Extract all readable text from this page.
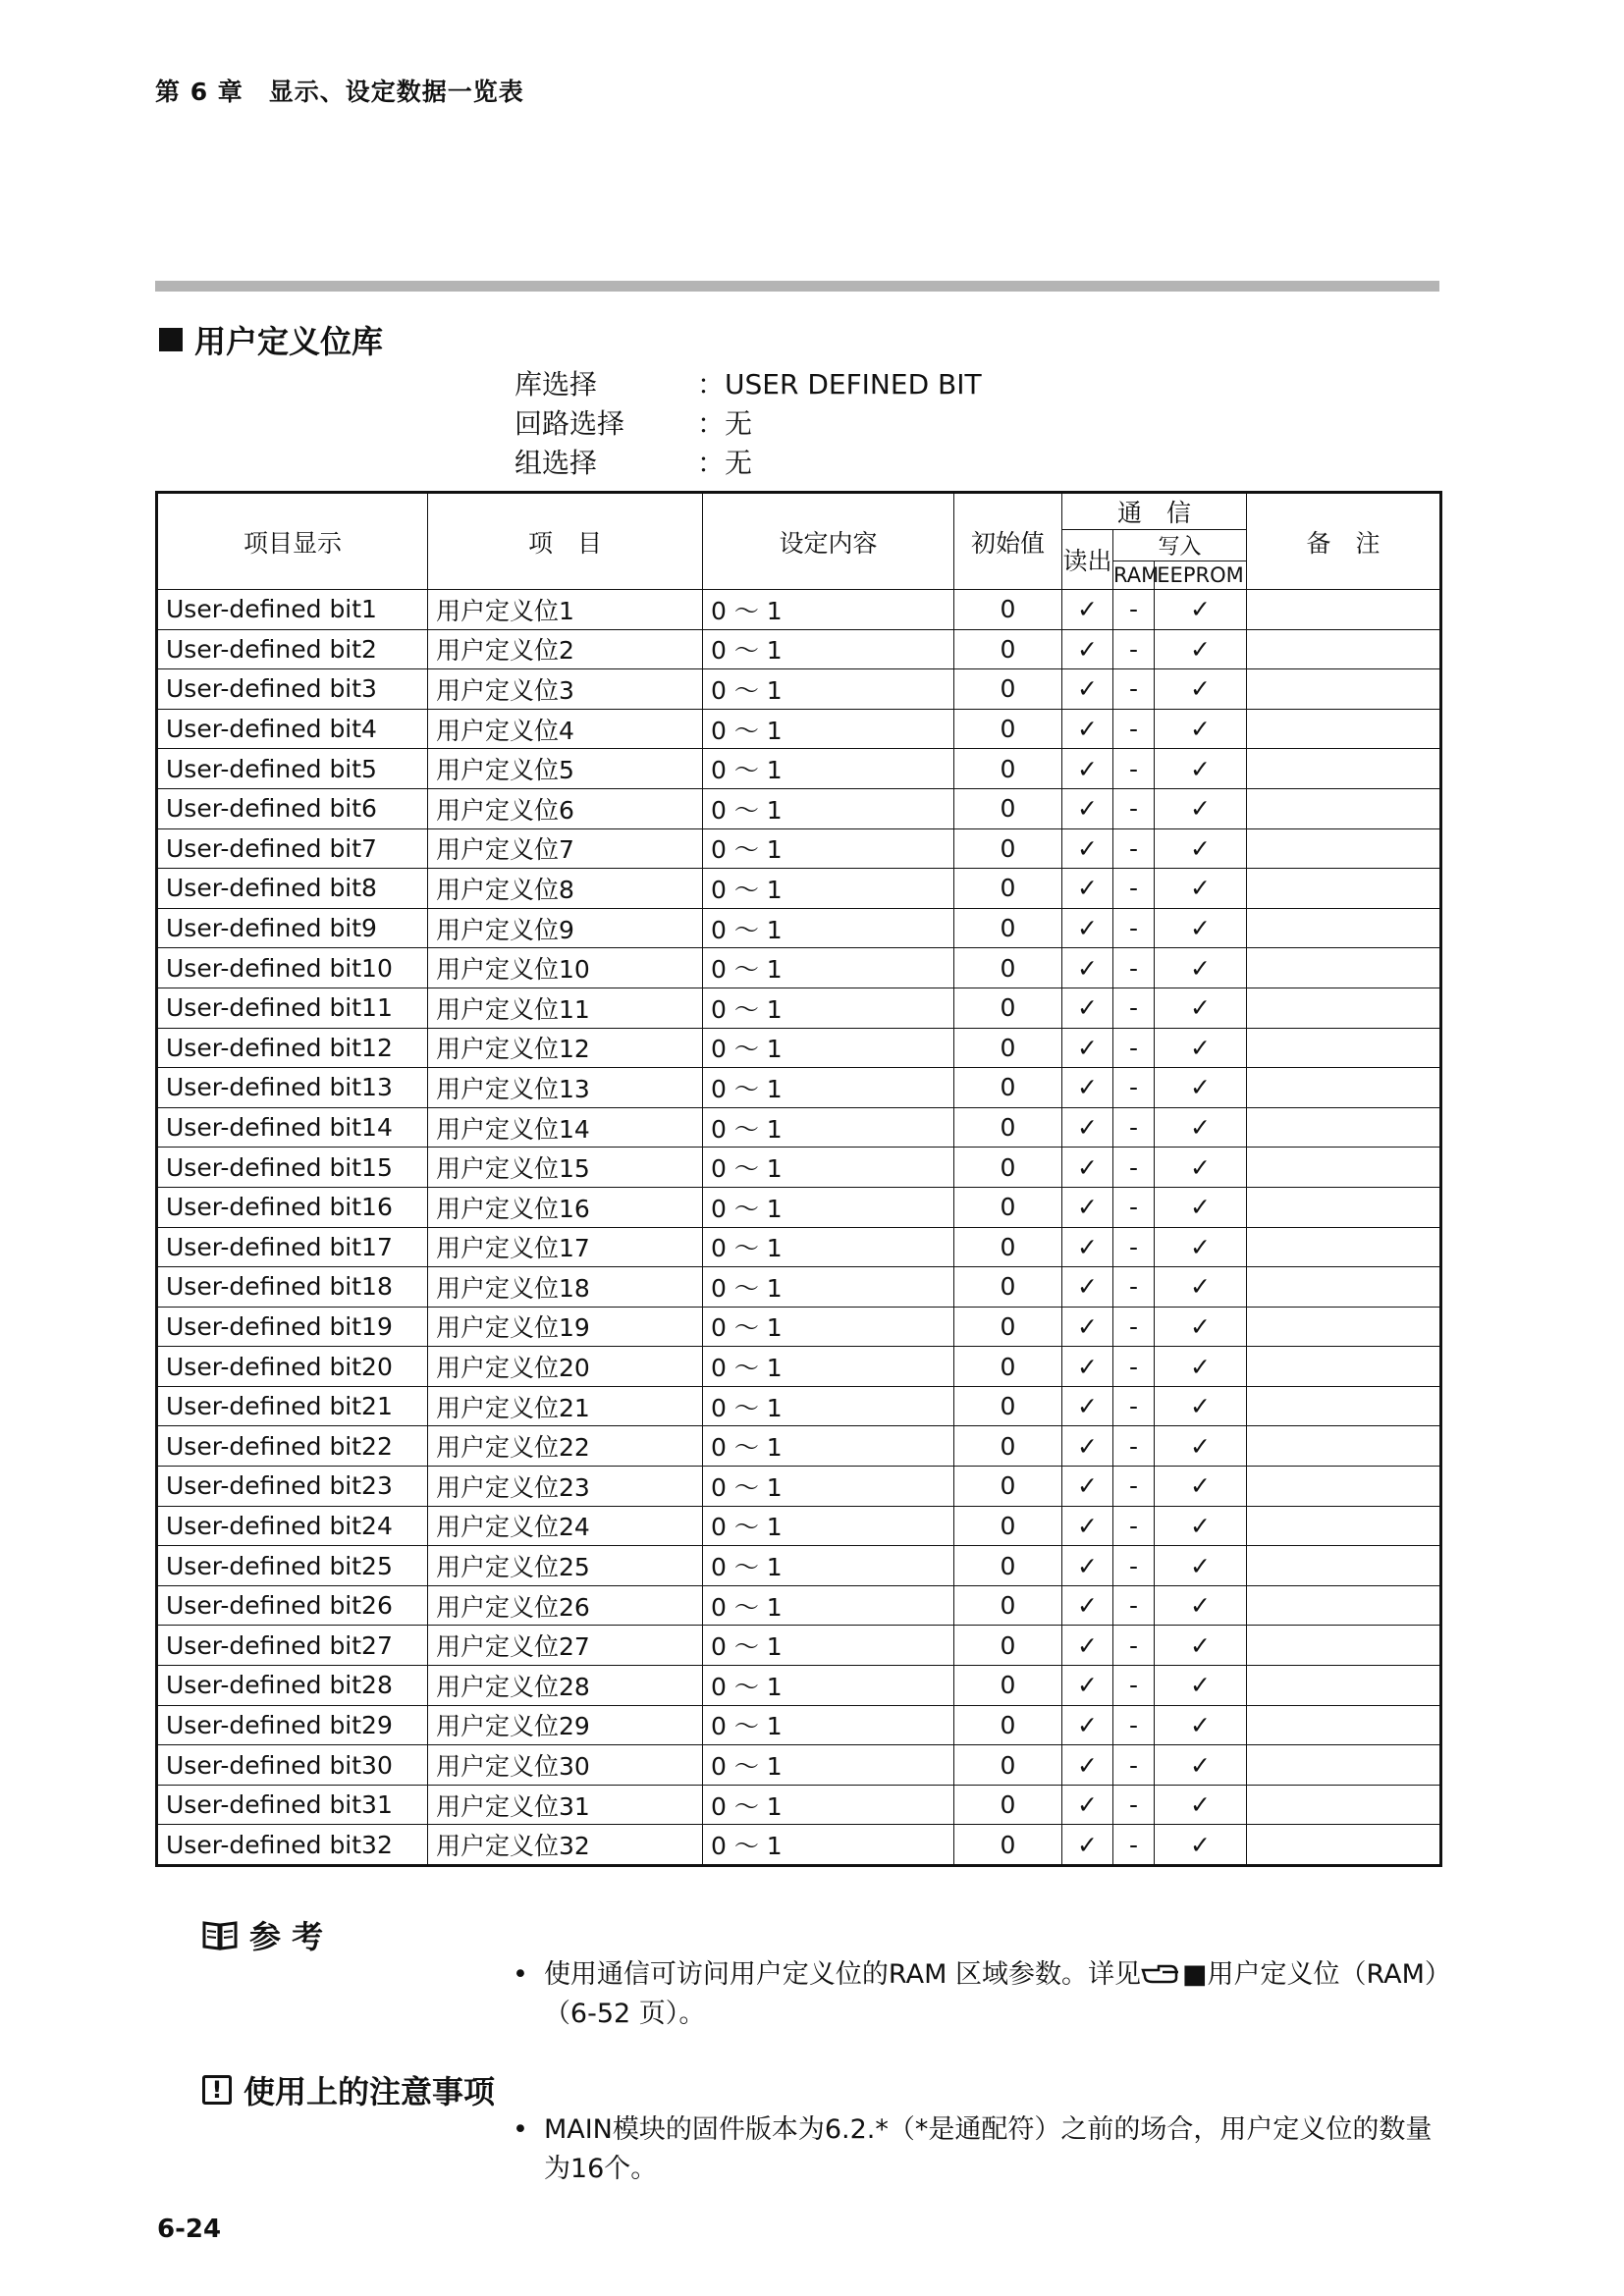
第 6 章　显示、设定数据一览表
用户定义位库
库选择	：USER DEFINED BIT
回路选择	：无
组选择	：无
项目显示	项　目	设定内容	初始值	通　信			备　注
				读出	写入		
					RAM	EEPROM	
User-defined bit1	用户定义位1	0 ～ 1	0	✓	-	✓	
User-defined bit2	用户定义位2	0 ～ 1	0	✓	-	✓	
User-defined bit3	用户定义位3	0 ～ 1	0	✓	-	✓	
User-defined bit4	用户定义位4	0 ～ 1	0	✓	-	✓	
User-defined bit5	用户定义位5	0 ～ 1	0	✓	-	✓	
User-defined bit6	用户定义位6	0 ～ 1	0	✓	-	✓	
User-defined bit7	用户定义位7	0 ～ 1	0	✓	-	✓	
User-defined bit8	用户定义位8	0 ～ 1	0	✓	-	✓	
User-defined bit9	用户定义位9	0 ～ 1	0	✓	-	✓	
User-defined bit10	用户定义位10	0 ～ 1	0	✓	-	✓	
User-defined bit11	用户定义位11	0 ～ 1	0	✓	-	✓	
User-defined bit12	用户定义位12	0 ～ 1	0	✓	-	✓	
User-defined bit13	用户定义位13	0 ～ 1	0	✓	-	✓	
User-defined bit14	用户定义位14	0 ～ 1	0	✓	-	✓	
User-defined bit15	用户定义位15	0 ～ 1	0	✓	-	✓	
User-defined bit16	用户定义位16	0 ～ 1	0	✓	-	✓	
User-defined bit17	用户定义位17	0 ～ 1	0	✓	-	✓	
User-defined bit18	用户定义位18	0 ～ 1	0	✓	-	✓	
User-defined bit19	用户定义位19	0 ～ 1	0	✓	-	✓	
User-defined bit20	用户定义位20	0 ～ 1	0	✓	-	✓	
User-defined bit21	用户定义位21	0 ～ 1	0	✓	-	✓	
User-defined bit22	用户定义位22	0 ～ 1	0	✓	-	✓	
User-defined bit23	用户定义位23	0 ～ 1	0	✓	-	✓	
User-defined bit24	用户定义位24	0 ～ 1	0	✓	-	✓	
User-defined bit25	用户定义位25	0 ～ 1	0	✓	-	✓	
User-defined bit26	用户定义位26	0 ～ 1	0	✓	-	✓	
User-defined bit27	用户定义位27	0 ～ 1	0	✓	-	✓	
User-defined bit28	用户定义位28	0 ～ 1	0	✓	-	✓	
User-defined bit29	用户定义位29	0 ～ 1	0	✓	-	✓	
User-defined bit30	用户定义位30	0 ～ 1	0	✓	-	✓	
User-defined bit31	用户定义位31	0 ～ 1	0	✓	-	✓	
User-defined bit32	用户定义位32	0 ～ 1	0	✓	-	✓	
参 考
• 使用通信可访问用户定义位的RAM 区域参数。详见 ■用户定义位（RAM）（6-52 页）。
! 使用上的注意事项
• MAIN模块的固件版本为6.2.*（*是通配符）之前的场合，用户定义位的数量为16个。
6-24
